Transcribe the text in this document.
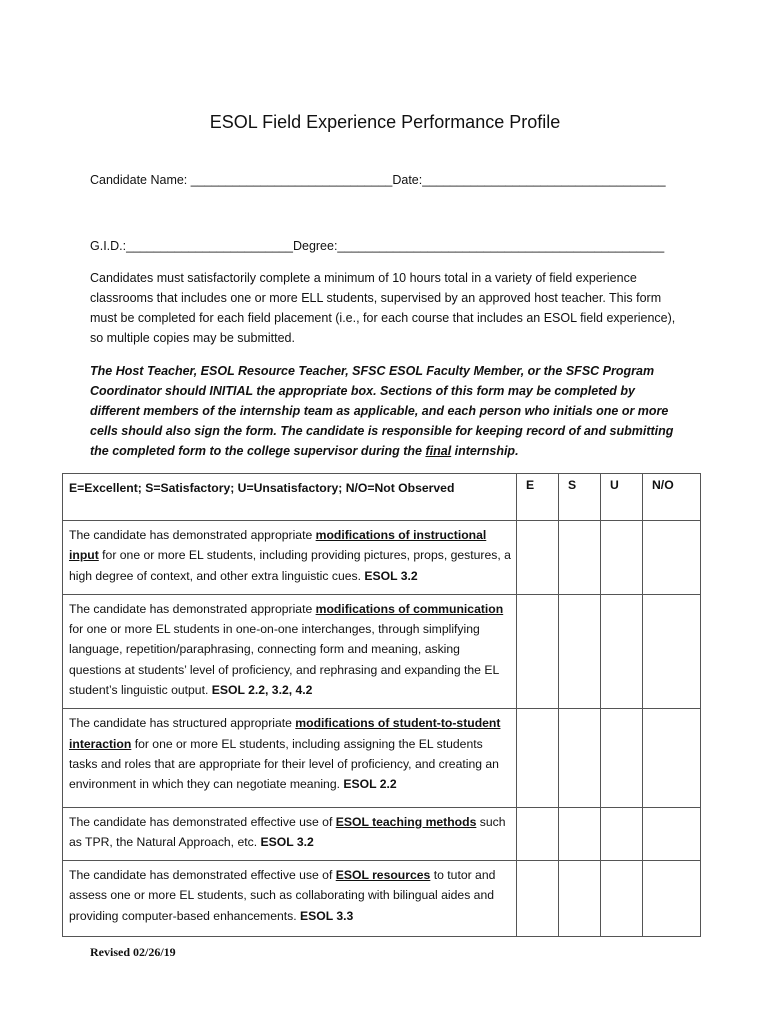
ESOL Field Experience Performance Profile
Candidate Name: _____________________________Date:___________________________________
G.I.D.:________________________Degree:_______________________________________________

Candidates must satisfactorily complete a minimum of 10 hours total in a variety of field experience classrooms that includes one or more ELL students, supervised by an approved host teacher. This form must be completed for each field placement (i.e., for each course that includes an ESOL field experience), so multiple copies may be submitted.

The Host Teacher, ESOL Resource Teacher, SFSC ESOL Faculty Member, or the SFSC Program Coordinator should INITIAL the appropriate box. Sections of this form may be completed by different members of the internship team as applicable, and each person who initials one or more cells should also sign the form. The candidate is responsible for keeping record of and submitting the completed form to the college supervisor during the final internship.

E=Excellent; S=Satisfactory; U=Unsatisfactory; N/O=Not Observed	E	S	U	N/O
The candidate has demonstrated appropriate modifications of instructional input for one or more EL students, including providing pictures, props, gestures, a high degree of context, and other extra linguistic cues. ESOL 3.2				
The candidate has demonstrated appropriate modifications of communication for one or more EL students in one-on-one interchanges, through simplifying language, repetition/paraphrasing, connecting form and meaning, asking questions at students’ level of proficiency, and rephrasing and expanding the EL student’s linguistic output. ESOL 2.2, 3.2, 4.2				
The candidate has structured appropriate modifications of student-to-student interaction for one or more EL students, including assigning the EL students tasks and roles that are appropriate for their level of proficiency, and creating an environment in which they can negotiate meaning. ESOL 2.2				
The candidate has demonstrated effective use of ESOL teaching methods such as TPR, the Natural Approach, etc. ESOL 3.2				
The candidate has demonstrated effective use of ESOL resources to tutor and assess one or more EL students, such as collaborating with bilingual aides and providing computer-based enhancements. ESOL 3.3				
Revised 02/26/19
